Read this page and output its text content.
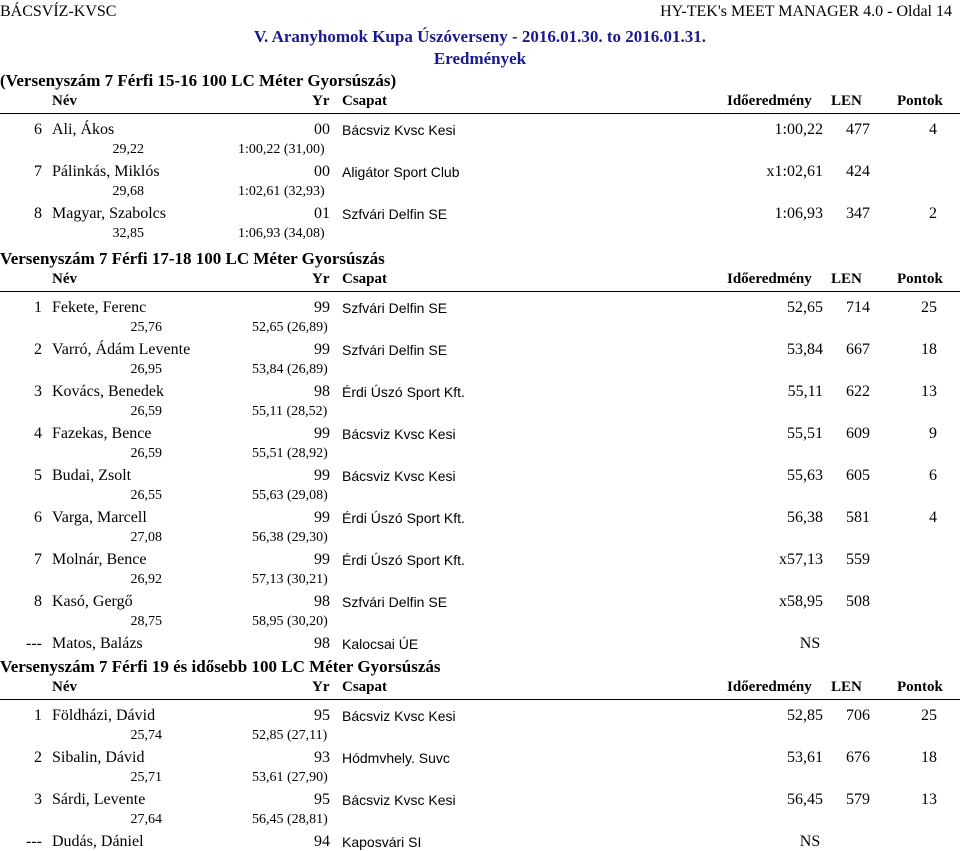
BÁCSVÍZ-KVSC	HY-TEK's MEET MANAGER 4.0 - Oldal 14
V. Aranyhomok Kupa Úszóverseny - 2016.01.30. to 2016.01.31.
Eredmények
(Versenyszám 7 Férfi 15-16 100 LC Méter Gyorsúszás)
Név	Yr Csapat	Időeredmény LEN Pontok
6 Ali, Ákos	00 Bácsviz Kvsc Kesi	1:00,22	477	4
29,22	1:00,22 (31,00)
7 Pálinkás, Miklós	00 Aligátor Sport Club	x1:02,61	424
29,68	1:02,61 (32,93)
8 Magyar, Szabolcs	01 Szfvári Delfin SE	1:06,93	347	2
32,85	1:06,93 (34,08)
Versenyszám 7 Férfi 17-18 100 LC Méter Gyorsúszás
Név	Yr Csapat	Időeredmény LEN Pontok
1 Fekete, Ferenc	99 Szfvári Delfin SE	52,65	714	25
25,76	52,65 (26,89)
2 Varró, Ádám Levente	99 Szfvári Delfin SE	53,84	667	18
26,95	53,84 (26,89)
3 Kovács, Benedek	98 Érdi Úszó Sport Kft.	55,11	622	13
26,59	55,11 (28,52)
4 Fazekas, Bence	99 Bácsviz Kvsc Kesi	55,51	609	9
26,59	55,51 (28,92)
5 Budai, Zsolt	99 Bácsviz Kvsc Kesi	55,63	605	6
26,55	55,63 (29,08)
6 Varga, Marcell	99 Érdi Úszó Sport Kft.	56,38	581	4
27,08	56,38 (29,30)
7 Molnár, Bence	99 Érdi Úszó Sport Kft.	x57,13	559
26,92	57,13 (30,21)
8 Kasó, Gergő	98 Szfvári Delfin SE	x58,95	508
28,75	58,95 (30,20)
--- Matos, Balázs	98 Kalocsai ÚE	NS
Versenyszám 7 Férfi 19 és idősebb 100 LC Méter Gyorsúszás
Név	Yr Csapat	Időeredmény LEN Pontok
1 Földházi, Dávid	95 Bácsviz Kvsc Kesi	52,85	706	25
25,74	52,85 (27,11)
2 Sibalin, Dávid	93 Hódmvhely. Suvc	53,61	676	18
25,71	53,61 (27,90)
3 Sárdi, Levente	95 Bácsviz Kvsc Kesi	56,45	579	13
27,64	56,45 (28,81)
--- Dudás, Dániel	94 Kaposvári SI	NS
